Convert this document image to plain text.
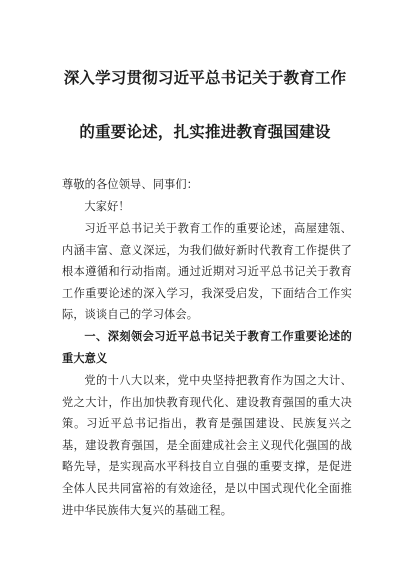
深入学习贯彻习近平总书记关于教育工作
的重要论述，扎实推进教育强国建设

尊敬的各位领导、同事们：

大家好！

习近平总书记关于教育工作的重要论述，高屋建瓴、内涵丰富、意义深远，为我们做好新时代教育工作提供了根本遵循和行动指南。通过近期对习近平总书记关于教育工作重要论述的深入学习，我深受启发，下面结合工作实际，谈谈自己的学习体会。

一、深刻领会习近平总书记关于教育工作重要论述的重大意义

党的十八大以来，党中央坚持把教育作为国之大计、党之大计，作出加快教育现代化、建设教育强国的重大决策。习近平总书记指出，教育是强国建设、民族复兴之基，建设教育强国，是全面建成社会主义现代化强国的战略先导，是实现高水平科技自立自强的重要支撑，是促进全体人民共同富裕的有效途径，是以中国式现代化全面推进中华民族伟大复兴的基础工程。
